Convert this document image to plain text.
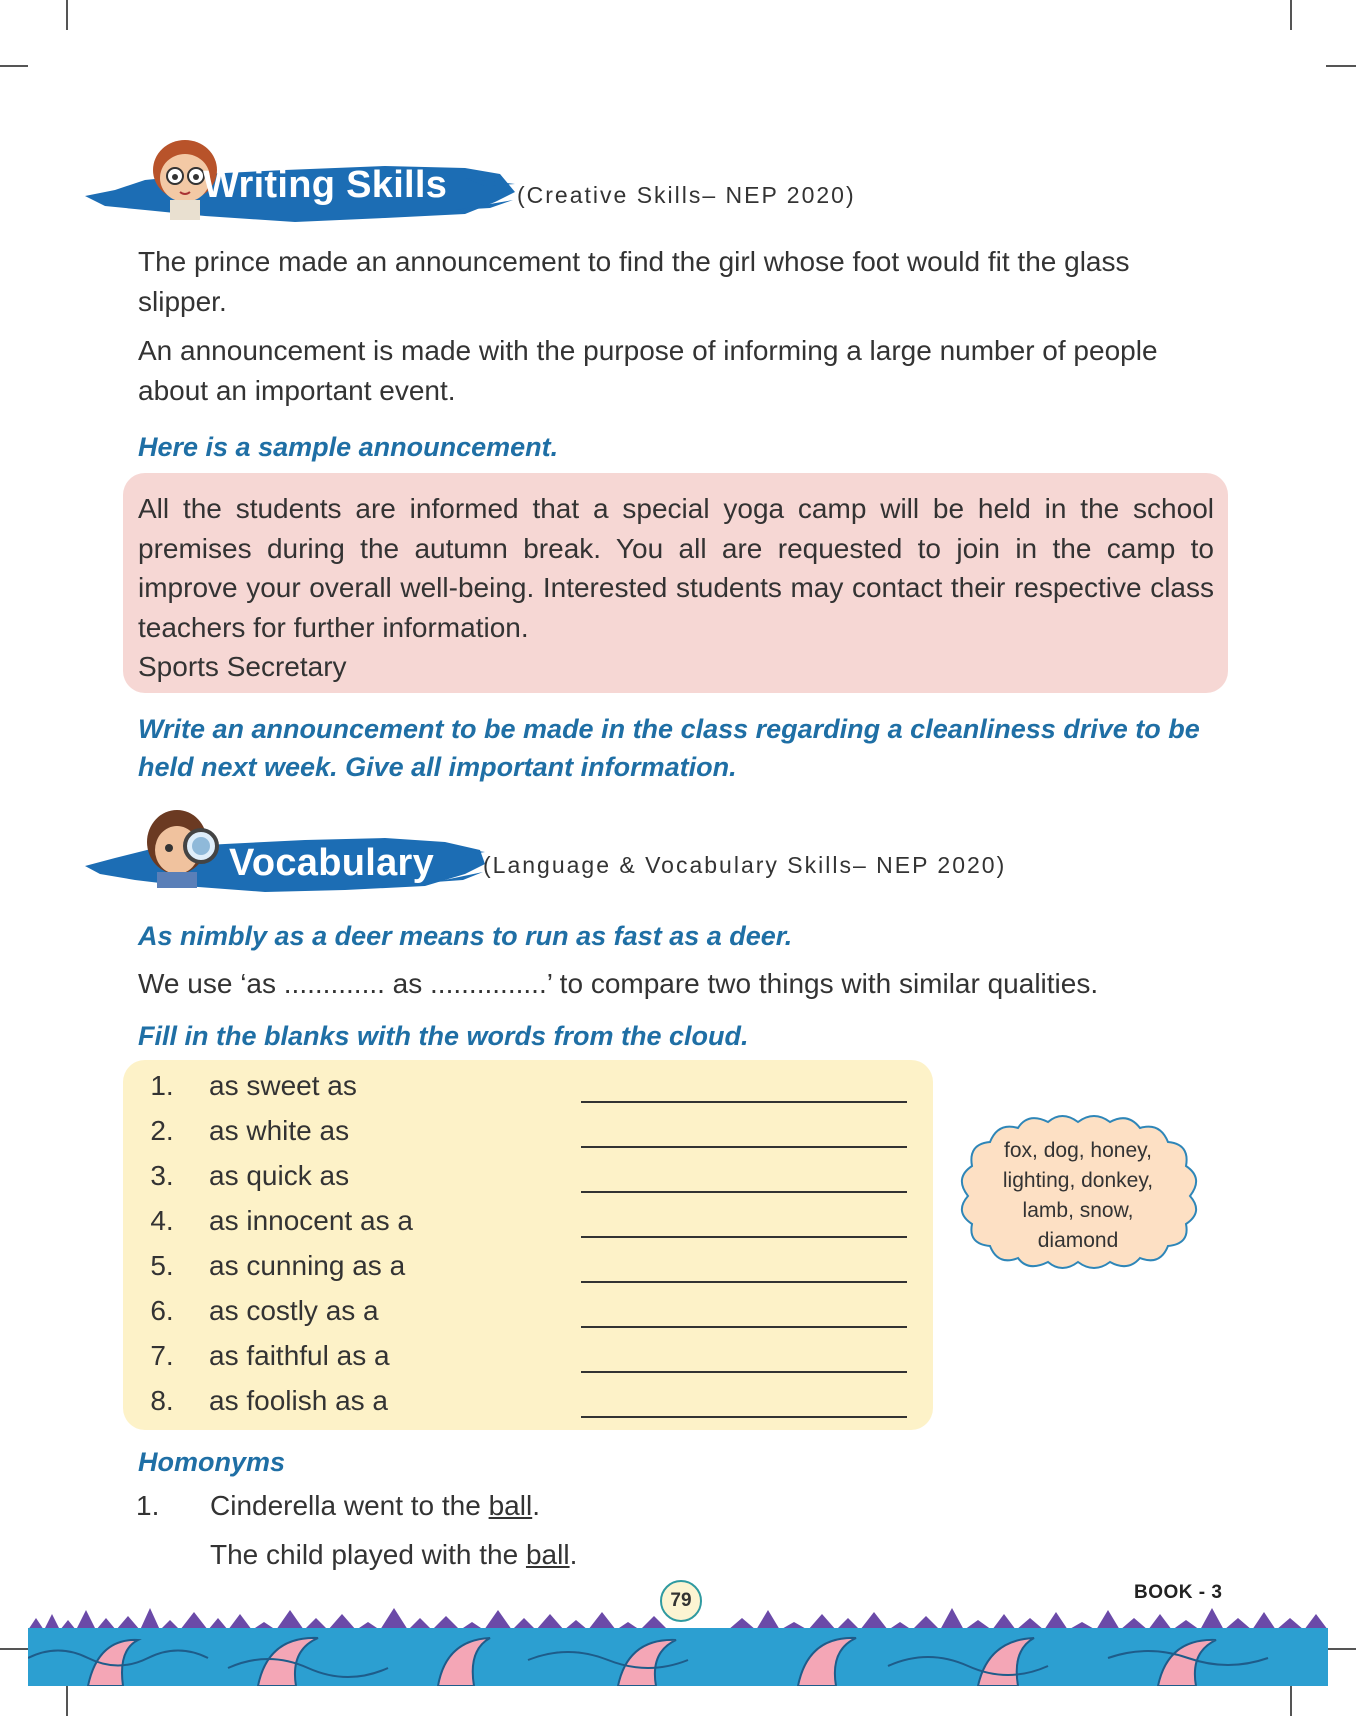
Writing Skills	(Creative Skills– NEP 2020)
The prince made an announcement to find the girl whose foot would fit the glass slipper.
An announcement is made with the purpose of informing a large number of people about an important event.
Here is a sample announcement.
All the students are informed that a special yoga camp will be held in the school premises during the autumn break. You all are requested to join in the camp to improve your overall well-being. Interested students may contact their respective class teachers for further information.
Sports Secretary
Write an announcement to be made in the class regarding a cleanliness drive to be held next week. Give all important information.
Vocabulary (Language & Vocabulary Skills– NEP 2020)
As nimbly as a deer means to run as fast as a deer.
We use ‘as ............. as ...............’ to compare two things with similar qualities.
Fill in the blanks with the words from the cloud.
1. as sweet as
2. as white as
3. as quick as
4. as innocent as a
5. as cunning as a
6. as costly as a
7. as faithful as a
8. as foolish as a
fox, dog, honey,
lighting, donkey,
lamb, snow,
diamond
Homonyms
1.	Cinderella went to the ball.
The child played with the ball.
79	BOOK - 3
